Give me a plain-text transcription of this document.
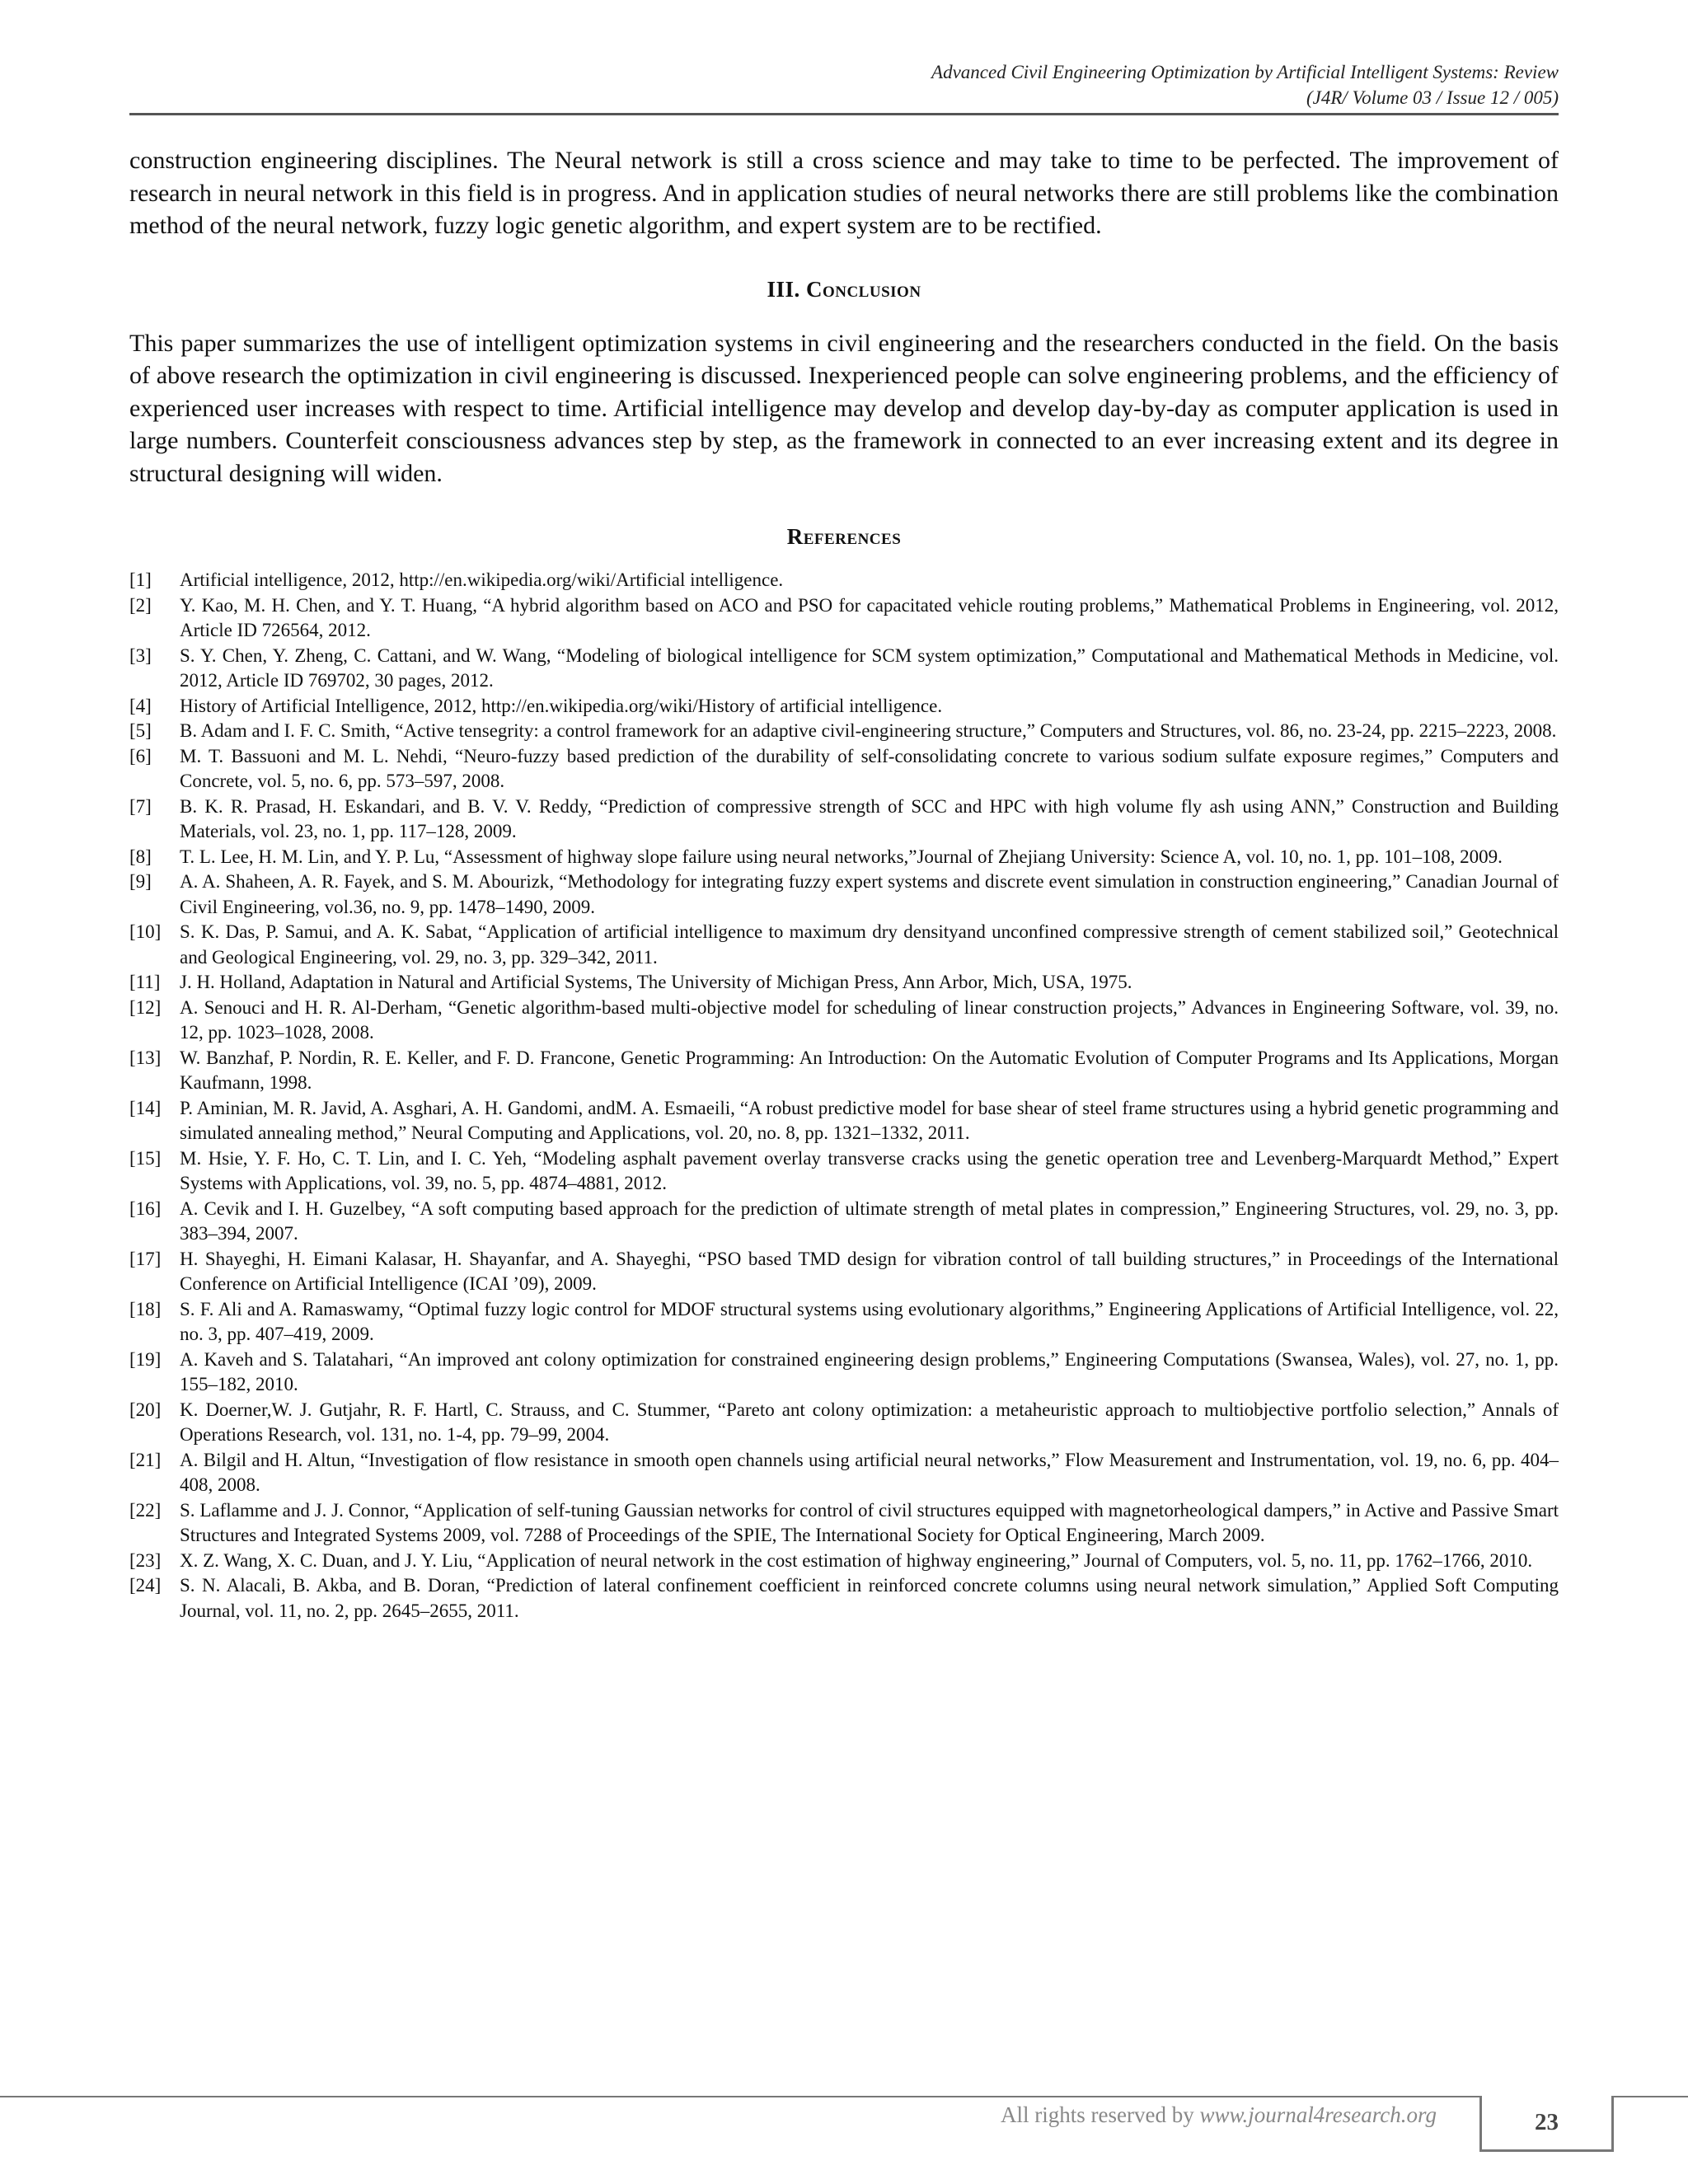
Advanced Civil Engineering Optimization by Artificial Intelligent Systems: Review
(J4R/ Volume 03 / Issue 12 / 005)

construction engineering disciplines. The Neural network is still a cross science and may take to time to be perfected. The improvement of research in neural network in this field is in progress. And in application studies of neural networks there are still problems like the combination method of the neural network, fuzzy logic genetic algorithm, and expert system are to be rectified.

III. Conclusion

This paper summarizes the use of intelligent optimization systems in civil engineering and the researchers conducted in the field. On the basis of above research the optimization in civil engineering is discussed. Inexperienced people can solve engineering problems, and the efficiency of experienced user increases with respect to time. Artificial intelligence may develop and develop day-by-day as computer application is used in large numbers. Counterfeit consciousness advances step by step, as the framework in connected to an ever increasing extent and its degree in structural designing will widen.

References
[1]	Artificial intelligence, 2012, http://en.wikipedia.org/wiki/Artificial intelligence.
[2]	Y. Kao, M. H. Chen, and Y. T. Huang, “A hybrid algorithm based on ACO and PSO for capacitated vehicle routing problems,” Mathematical Problems in Engineering, vol. 2012, Article ID 726564, 2012.
[3]	S. Y. Chen, Y. Zheng, C. Cattani, and W. Wang, “Modeling of biological intelligence for SCM system optimization,” Computational and Mathematical Methods in Medicine, vol. 2012, Article ID 769702, 30 pages, 2012.
[4]	History of Artificial Intelligence, 2012, http://en.wikipedia.org/wiki/History of artificial intelligence.
[5]	B. Adam and I. F. C. Smith, “Active tensegrity: a control framework for an adaptive civil-engineering structure,” Computers and Structures, vol. 86, no. 23-24, pp. 2215–2223, 2008.
[6]	M. T. Bassuoni and M. L. Nehdi, “Neuro-fuzzy based prediction of the durability of self-consolidating concrete to various sodium sulfate exposure regimes,” Computers and Concrete, vol. 5, no. 6, pp. 573–597, 2008.
[7]	B. K. R. Prasad, H. Eskandari, and B. V. V. Reddy, “Prediction of compressive strength of SCC and HPC with high volume fly ash using ANN,” Construction and Building Materials, vol. 23, no. 1, pp. 117–128, 2009.
[8]	T. L. Lee, H. M. Lin, and Y. P. Lu, “Assessment of highway slope failure using neural networks,”Journal of Zhejiang University: Science A, vol. 10, no. 1, pp. 101–108, 2009.
[9]	A. A. Shaheen, A. R. Fayek, and S. M. Abourizk, “Methodology for integrating fuzzy expert systems and discrete event simulation in construction engineering,” Canadian Journal of Civil Engineering, vol.36, no. 9, pp. 1478–1490, 2009.
[10] S. K. Das, P. Samui, and A. K. Sabat, “Application of artificial intelligence to maximum dry densityand unconfined compressive strength of cement stabilized soil,” Geotechnical and Geological Engineering, vol. 29, no. 3, pp. 329–342, 2011.
[11]	J. H. Holland, Adaptation in Natural and Artificial Systems, The University of Michigan Press, Ann Arbor, Mich, USA, 1975.
[12] A. Senouci and H. R. Al-Derham, “Genetic algorithm-based multi-objective model for scheduling of linear construction projects,” Advances in Engineering Software, vol. 39, no. 12, pp. 1023–1028, 2008.
[13] W. Banzhaf, P. Nordin, R. E. Keller, and F. D. Francone, Genetic Programming: An Introduction: On the Automatic Evolution of Computer Programs and Its Applications, Morgan Kaufmann, 1998.
[14] P. Aminian, M. R. Javid, A. Asghari, A. H. Gandomi, andM. A. Esmaeili, “A robust predictive model for base shear of steel frame structures using a hybrid genetic programming and simulated annealing method,” Neural Computing and Applications, vol. 20, no. 8, pp. 1321–1332, 2011.
[15] M. Hsie, Y. F. Ho, C. T. Lin, and I. C. Yeh, “Modeling asphalt pavement overlay transverse cracks using the genetic operation tree and Levenberg-Marquardt Method,” Expert Systems with Applications, vol. 39, no. 5, pp. 4874–4881, 2012.
[16] A. Cevik and I. H. Guzelbey, “A soft computing based approach for the prediction of ultimate strength of metal plates in compression,” Engineering Structures, vol. 29, no. 3, pp. 383–394, 2007.
[17] H. Shayeghi, H. Eimani Kalasar, H. Shayanfar, and A. Shayeghi, “PSO based TMD design for vibration control of tall building structures,” in Proceedings of the International Conference on Artificial Intelligence (ICAI ’09), 2009.
[18] S. F. Ali and A. Ramaswamy, “Optimal fuzzy logic control for MDOF structural systems using evolutionary algorithms,” Engineering Applications of Artificial Intelligence, vol. 22, no. 3, pp. 407–419, 2009.
[19] A. Kaveh and S. Talatahari, “An improved ant colony optimization for constrained engineering design problems,” Engineering Computations (Swansea, Wales), vol. 27, no. 1, pp. 155–182, 2010.
[20] K. Doerner,W. J. Gutjahr, R. F. Hartl, C. Strauss, and C. Stummer, “Pareto ant colony optimization: a metaheuristic approach to multiobjective portfolio selection,” Annals of Operations Research, vol. 131, no. 1-4, pp. 79–99, 2004.
[21] A. Bilgil and H. Altun, “Investigation of flow resistance in smooth open channels using artificial neural networks,” Flow Measurement and Instrumentation, vol. 19, no. 6, pp. 404–408, 2008.
[22] S. Laflamme and J. J. Connor, “Application of self-tuning Gaussian networks for control of civil structures equipped with magnetorheological dampers,” in Active and Passive Smart Structures and Integrated Systems 2009, vol. 7288 of Proceedings of the SPIE, The International Society for Optical Engineering, March 2009.
[23] X. Z. Wang, X. C. Duan, and J. Y. Liu, “Application of neural network in the cost estimation of highway engineering,” Journal of Computers, vol. 5, no. 11, pp. 1762–1766, 2010.
[24] S. N. Alacali, B. Akba, and B. Doran, “Prediction of lateral confinement coefficient in reinforced concrete columns using neural network simulation,” Applied Soft Computing Journal, vol. 11, no. 2, pp. 2645–2655, 2011.
All rights reserved by www.journal4research.org	23
